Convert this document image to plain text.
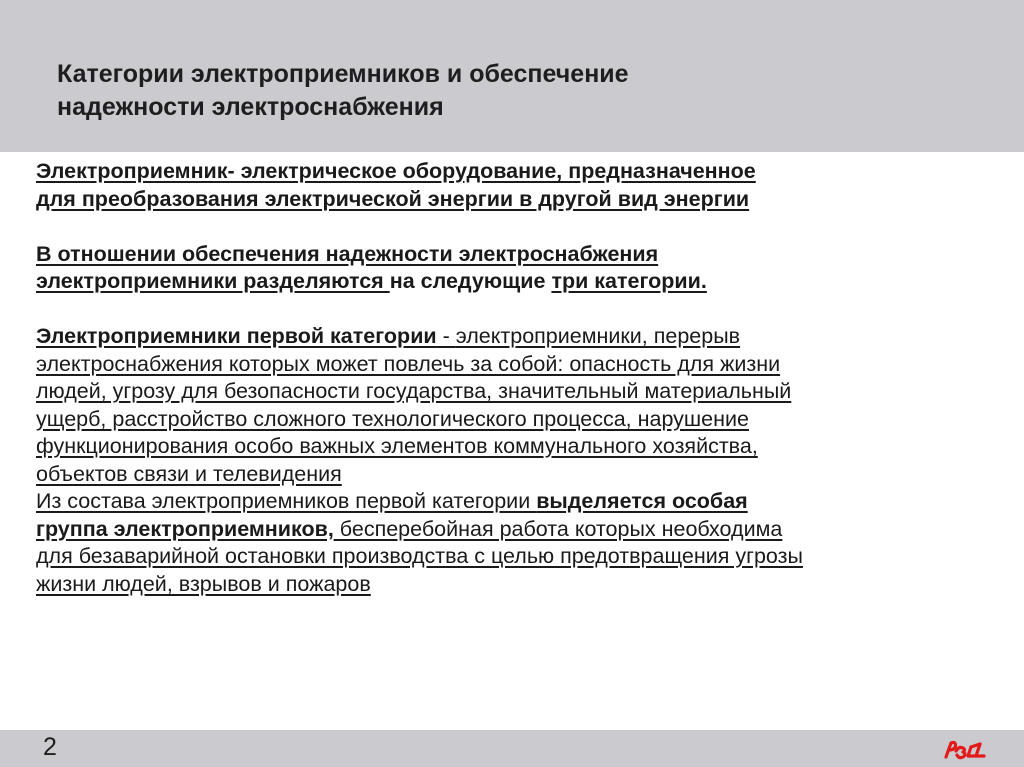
Категории электроприемников и обеспечение
надежности электроснабжения
Электроприемник- электрическое оборудование, предназначенное
для преобразования электрической энергии в другой вид энергии
В отношении обеспечения надежности электроснабжения
электроприемники разделяются на следующие три категории.
Электроприемники первой категории - электроприемники, перерыв
электроснабжения которых может повлечь за собой: опасность для жизни
людей, угрозу для безопасности государства, значительный материальный
ущерб, расстройство сложного технологического процесса, нарушение
функционирования особо важных элементов коммунального хозяйства,
объектов связи и телевидения
Из состава электроприемников первой категории выделяется особая
группа электроприемников, бесперебойная работа которых необходима
для безаварийной остановки производства с целью предотвращения угрозы
жизни людей, взрывов и пожаров
2
